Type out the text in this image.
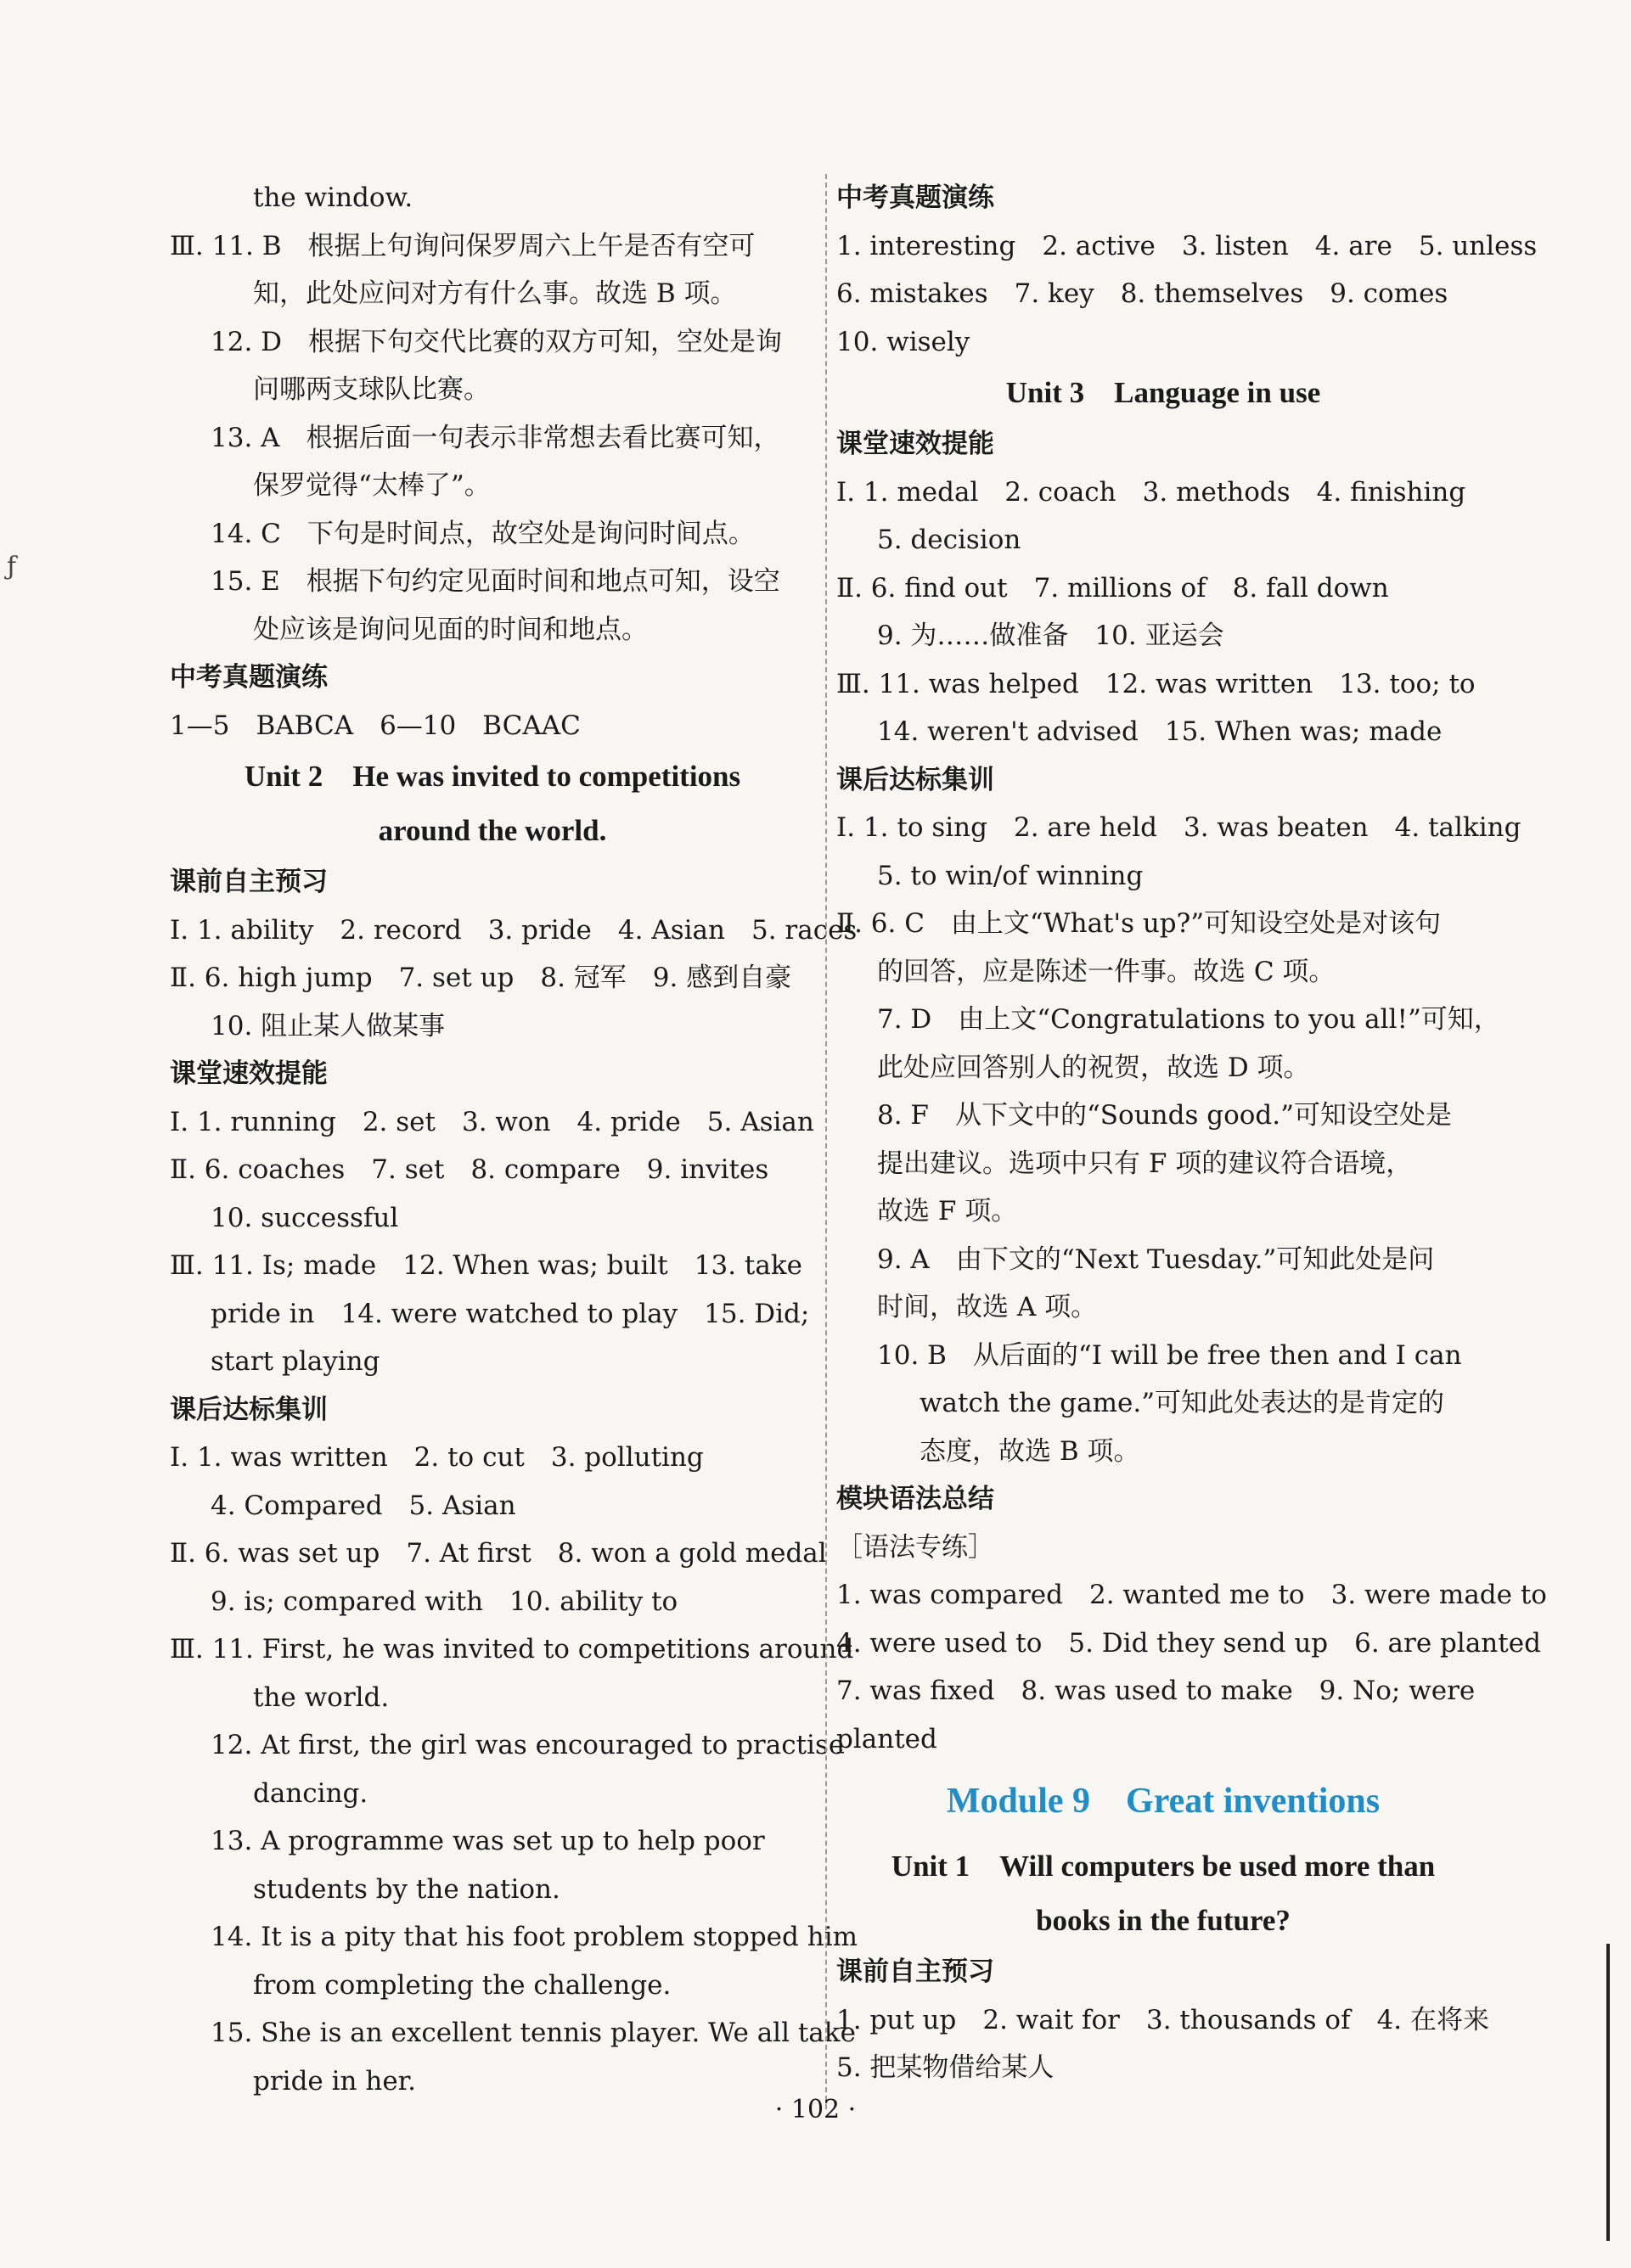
the window.
Ⅲ. 11. B　根据上句询问保罗周六上午是否有空可
知，此处应问对方有什么事。故选 B 项。
12. D　根据下句交代比赛的双方可知，空处是询
问哪两支球队比赛。
13. A　根据后面一句表示非常想去看比赛可知，
保罗觉得“太棒了”。
14. C　下句是时间点，故空处是询问时间点。
15. E　根据下句约定见面时间和地点可知，设空
处应该是询问见面的时间和地点。
中考真题演练
1—5　BABCA　6—10　BCAAC
Unit 2　He was invited to competitions
around the world.
课前自主预习
Ⅰ. 1. ability　2. record　3. pride　4. Asian　5. races
Ⅱ. 6. high jump　7. set up　8. 冠军　9. 感到自豪
10. 阻止某人做某事
课堂速效提能
Ⅰ. 1. running　2. set　3. won　4. pride　5. Asian
Ⅱ. 6. coaches　7. set　8. compare　9. invites
10. successful
Ⅲ. 11. Is; made　12. When was; built　13. take
pride in　14. were watched to play　15. Did;
start playing
课后达标集训
Ⅰ. 1. was written　2. to cut　3. polluting
4. Compared　5. Asian
Ⅱ. 6. was set up　7. At first　8. won a gold medal
9. is; compared with　10. ability to
Ⅲ. 11. First, he was invited to competitions around
the world.
12. At first, the girl was encouraged to practise
dancing.
13. A programme was set up to help poor
students by the nation.
14. It is a pity that his foot problem stopped him
from completing the challenge.
15. She is an excellent tennis player. We all take
pride in her.
中考真题演练
1. interesting　2. active　3. listen　4. are　5. unless
6. mistakes　7. key　8. themselves　9. comes
10. wisely
Unit 3　Language in use
课堂速效提能
Ⅰ. 1. medal　2. coach　3. methods　4. finishing
5. decision
Ⅱ. 6. find out　7. millions of　8. fall down
9. 为……做准备　10. 亚运会
Ⅲ. 11. was helped　12. was written　13. too; to
14. weren't advised　15. When was; made
课后达标集训
Ⅰ. 1. to sing　2. are held　3. was beaten　4. talking
5. to win/of winning
Ⅱ. 6. C　由上文“What's up?”可知设空处是对该句
的回答，应是陈述一件事。故选 C 项。
7. D　由上文“Congratulations to you all!”可知，
此处应回答别人的祝贺，故选 D 项。
8. F　从下文中的“Sounds good.”可知设空处是
提出建议。选项中只有 F 项的建议符合语境，
故选 F 项。
9. A　由下文的“Next Tuesday.”可知此处是问
时间，故选 A 项。
10. B　从后面的“I will be free then and I can
watch the game.”可知此处表达的是肯定的
态度，故选 B 项。
模块语法总结
［语法专练］
1. was compared　2. wanted me to　3. were made to
4. were used to　5. Did they send up　6. are planted
7. was fixed　8. was used to make　9. No; were
planted
Module 9　Great inventions
Unit 1　Will computers be used more than
books in the future?
课前自主预习
1. put up　2. wait for　3. thousands of　4. 在将来
5. 把某物借给某人
· 102 ·
ƒ
